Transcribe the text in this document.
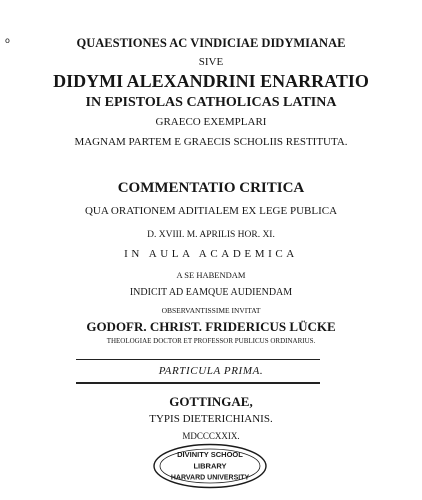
o	QUAESTIONES AC VINDICIAE DIDYMIANAE
SIVE
DIDYMI ALEXANDRINI ENARRATIO
IN EPISTOLAS CATHOLICAS LATINA
GRAECO EXEMPLARI
MAGNAM PARTEM E GRAECIS SCHOLIIS RESTITUTA.
COMMENTATIO CRITICA
QUA ORATIONEM ADITIALEM EX LEGE PUBLICA
D. XVIII. M. APRILIS HOR. XI.
IN AULA ACADEMICA
A SE HABENDAM
INDICIT AD EAMQUE AUDIENDAM
OBSERVANTISSIME INVITAT
GODOFR. CHRIST. FRIDERICUS LÜCKE
THEOLOGIAE DOCTOR ET PROFESSOR PUBLICUS ORDINARIUS.
PARTICULA PRIMA.
GOTTINGAE,
TYPIS DIETERICHIANIS.
MDCCCXXIX.
DIVINITY SCHOOL
LIBRARY
HARVARD UNIVERSITY
